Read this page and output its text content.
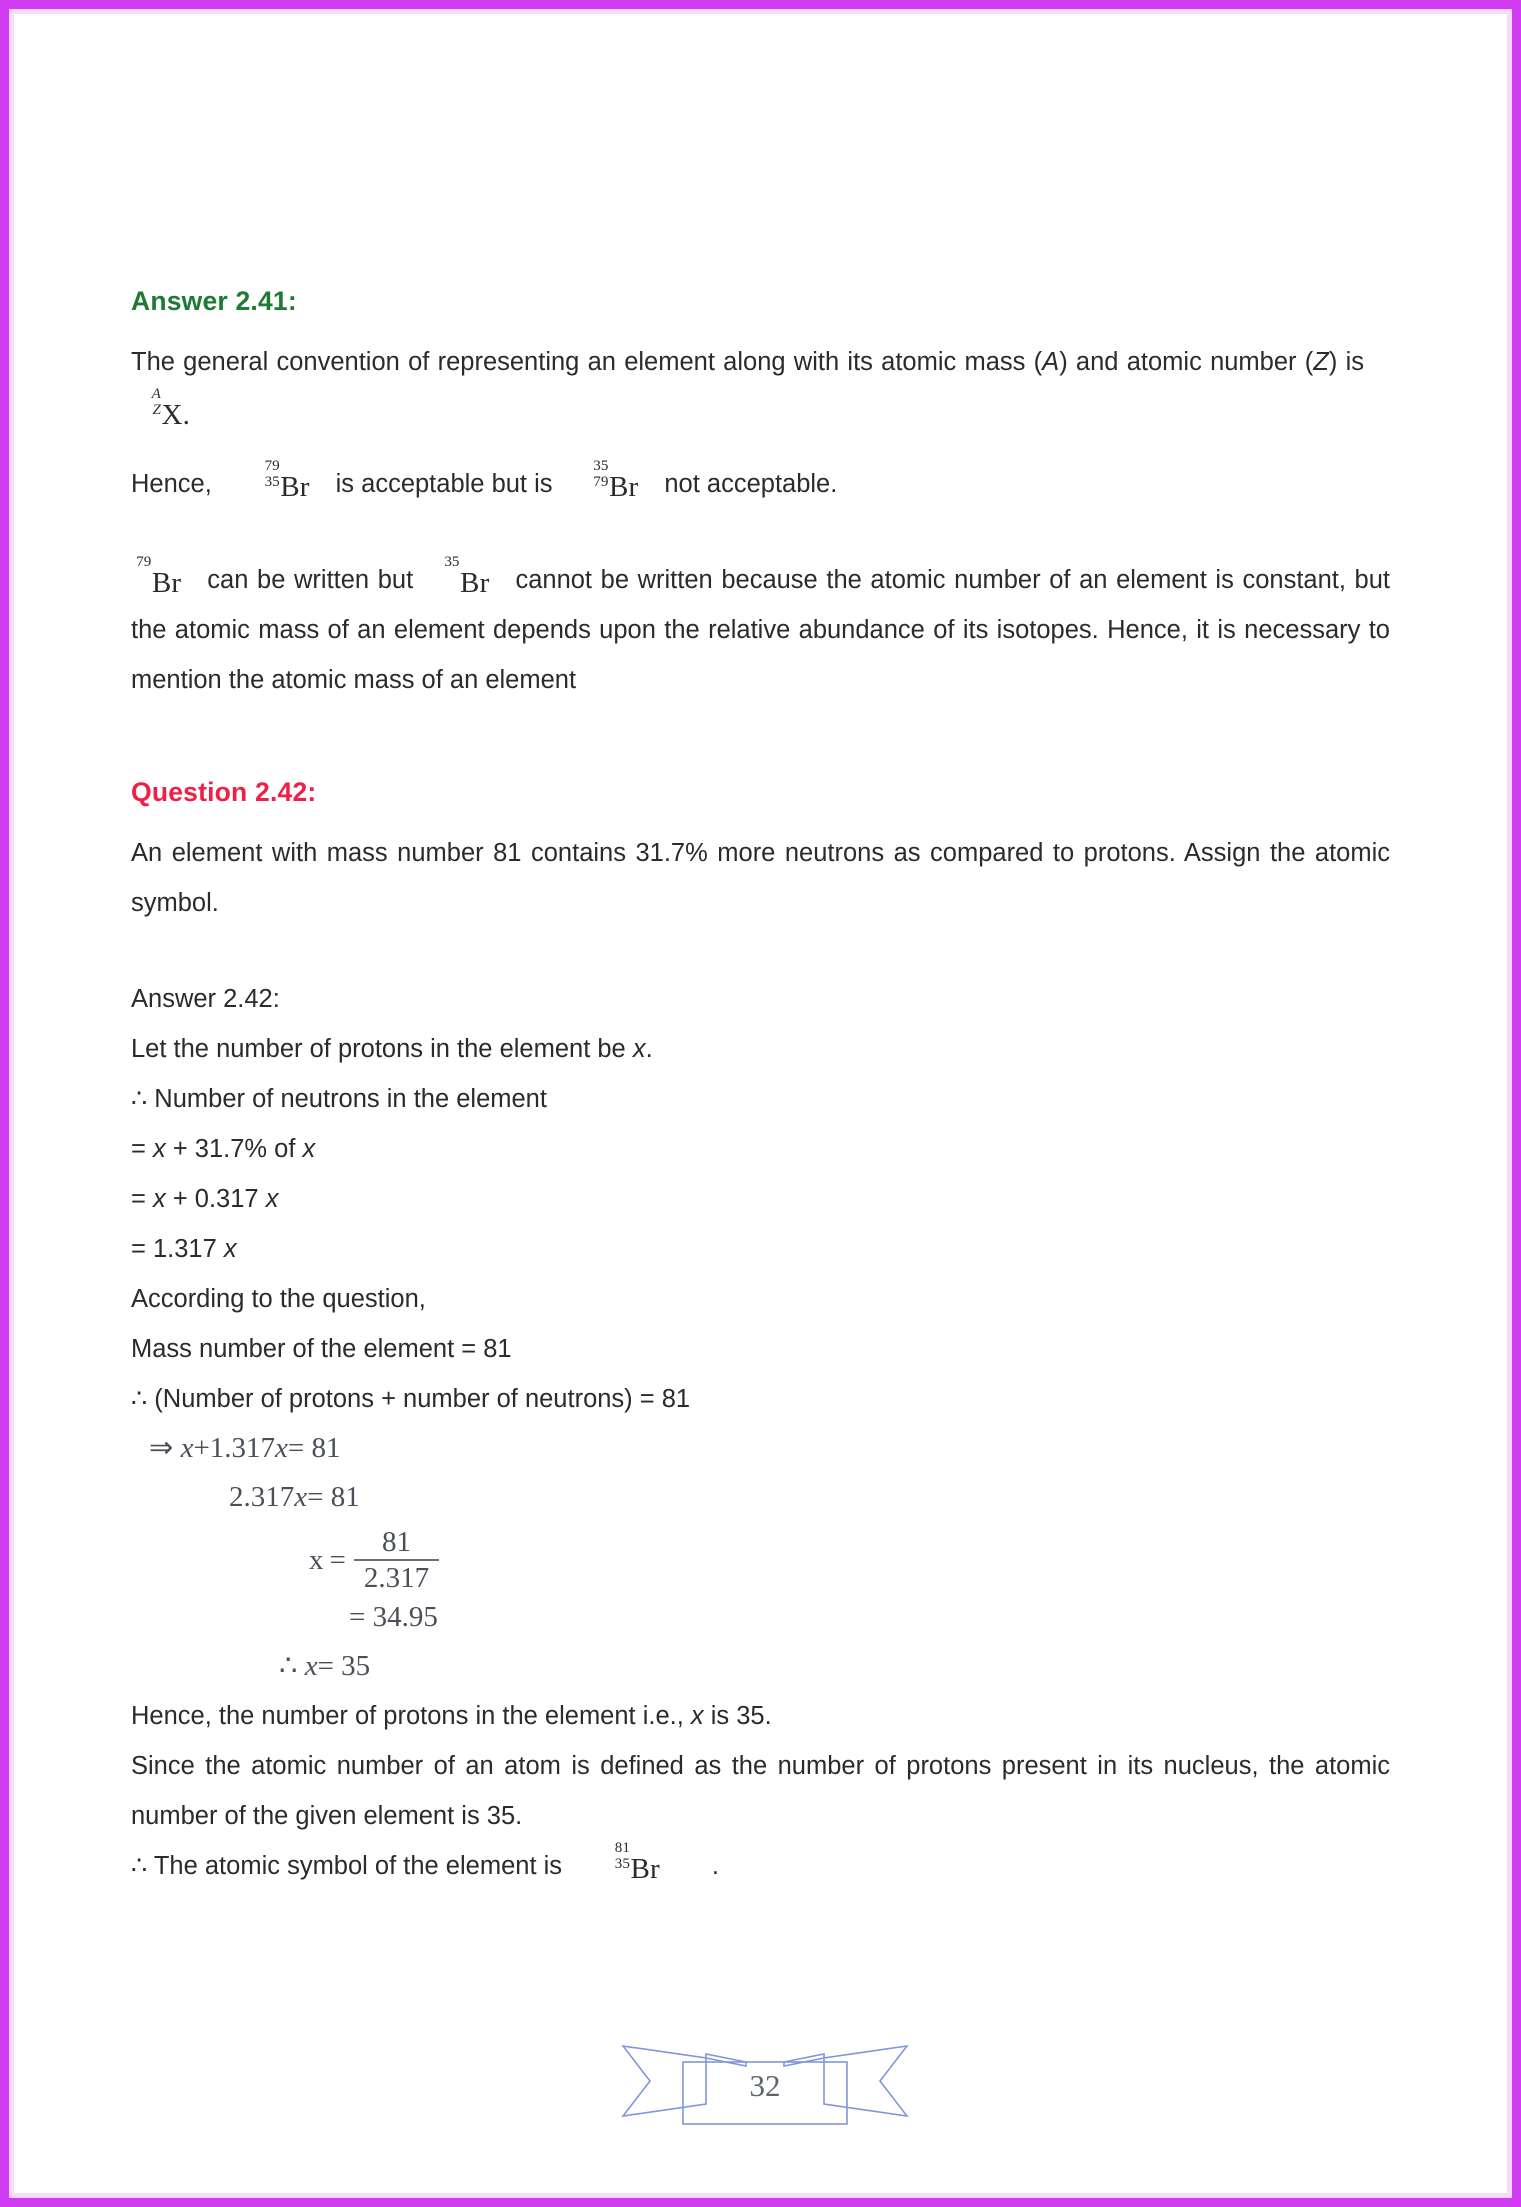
Answer 2.41:

The general convention of representing an element along with its atomic mass (A) and atomic number (Z) is
A
Z X.

Hence,
79
35 Br is acceptable but is
35
79 Br not acceptable.

79
Br can be written but
35
Br cannot be written because the atomic number of an element is constant, but the atomic mass of an element depends upon the relative abundance of its isotopes. Hence, it is necessary to mention the atomic mass of an element

Question 2.42:

An element with mass number 81 contains 31.7% more neutrons as compared to protons. Assign the atomic symbol.

Answer 2.42:
Let the number of protons in the element be x.
∴ Number of neutrons in the element
= x + 31.7% of x
= x + 0.317 x
= 1.317 x
According to the question,
Mass number of the element = 81
∴ (Number of protons + number of neutrons) = 81
⇒ x+1.317x= 81
2.317x= 81
$x = \frac{81}{2.317}$
= 34.95
∴ x= 35
Hence, the number of protons in the element i.e., x is 35.

Since the atomic number of an atom is defined as the number of protons present in its nucleus, the atomic number of the given element is 35.

∴ The atomic symbol of the element is
81
35 Br .
32
